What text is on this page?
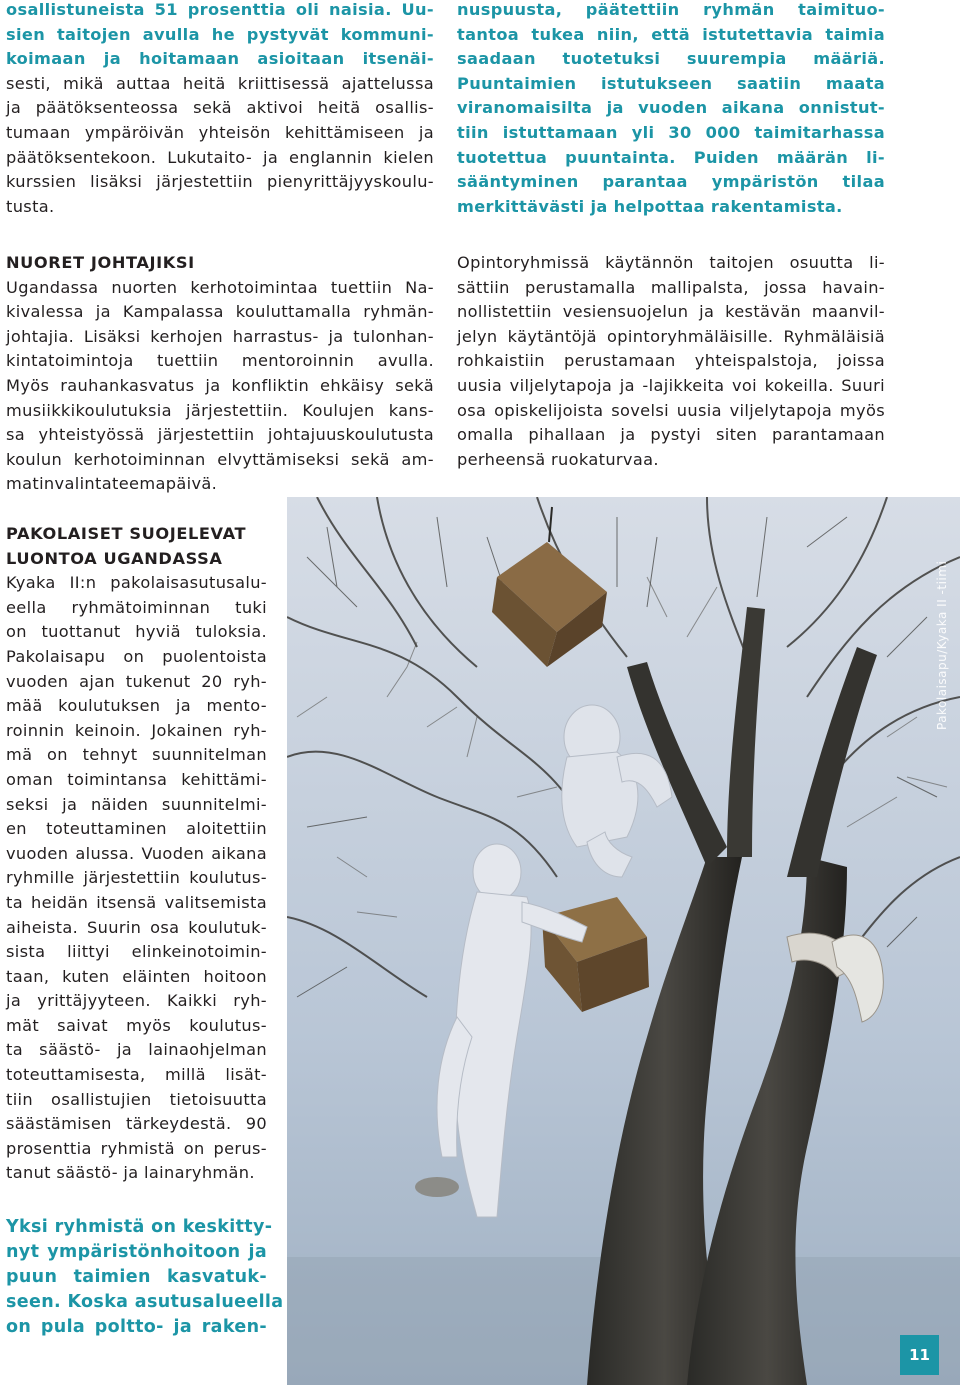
osallistuneista 51 prosenttia oli naisia. Uu-
sien taitojen avulla he pystyvät kommuni-
koimaan ja hoitamaan asioitaan itsenäi-
sesti, mikä auttaa heitä kriittisessä ajattelussa
ja päätöksenteossa sekä aktivoi heitä osallis-
tumaan ympäröivän yhteisön kehittämiseen ja
päätöksentekoon. Lukutaito- ja englannin kielen
kurssien lisäksi järjestettiin pienyrittäjyyskoulu-
tusta.
NUORET JOHTAJIKSI
Ugandassa nuorten kerhotoimintaa tuettiin Na-
kivalessa ja Kampalassa kouluttamalla ryhmän-
johtajia. Lisäksi kerhojen harrastus- ja tulonhan-
kintatoimintoja tuettiin mentoroinnin avulla.
Myös rauhankasvatus ja konfliktin ehkäisy sekä
musiikkikoulutuksia järjestettiin. Koulujen kans-
sa yhteistyössä järjestettiin johtajuuskoulutusta
koulun kerhotoiminnan elvyttämiseksi sekä am-
matinvalintateemapäivä.
PAKOLAISET SUOJELEVAT
LUONTOA UGANDASSA
Kyaka II:n pakolaisasutusalu-
eella ryhmätoiminnan tuki
on tuottanut hyviä tuloksia.
Pakolaisapu on puolentoista
vuoden ajan tukenut 20 ryh-
mää koulutuksen ja mento-
roinnin keinoin. Jokainen ryh-
mä on tehnyt suunnitelman
oman toimintansa kehittämi-
seksi ja näiden suunnitelmi-
en toteuttaminen aloitettiin
vuoden alussa. Vuoden aikana
ryhmille järjestettiin koulutus-
ta heidän itsensä valitsemista
aiheista. Suurin osa koulutuk-
sista liittyi elinkeinotoimin-
taan, kuten eläinten hoitoon
ja yrittäjyyteen. Kaikki ryh-
mät saivat myös koulutus-
ta säästö- ja lainaohjelman
toteuttamisesta, millä lisät-
tiin osallistujien tietoisuutta
säästämisen tärkeydestä. 90
prosenttia ryhmistä on perus-
tanut säästö- ja lainaryhmän.
Yksi ryhmistä on keskitty-
nyt ympäristönhoitoon ja
puun taimien kasvatuk-
seen. Koska asutusalueella
on pula poltto- ja raken-
nuspuusta, päätettiin ryhmän taimituo-
tantoa tukea niin, että istutettavia taimia
saadaan tuotetuksi suurempia määriä.
Puuntaimien istutukseen saatiin maata
viranomaisilta ja vuoden aikana onnistut-
tiin istuttamaan yli 30 000 taimitarhassa
tuotettua puuntainta. Puiden määrän li-
sääntyminen parantaa ympäristön tilaa
merkittävästi ja helpottaa rakentamista.
Opintoryhmissä käytännön taitojen osuutta li-
sättiin perustamalla mallipalsta, jossa havain-
nollistettiin vesiensuojelun ja kestävän maanvil-
jelyn käytäntöjä opintoryhmäläisille. Ryhmäläisiä
rohkaistiin perustamaan yhteispalstoja, joissa
uusia viljelytapoja ja -lajikkeita voi kokeilla. Suuri
osa opiskelijoista sovelsi uusia viljelytapoja myös
omalla pihallaan ja pystyi siten parantamaan
perheensä ruokaturvaa.
Pakolaisapu/Kyaka II -tiimi
11
